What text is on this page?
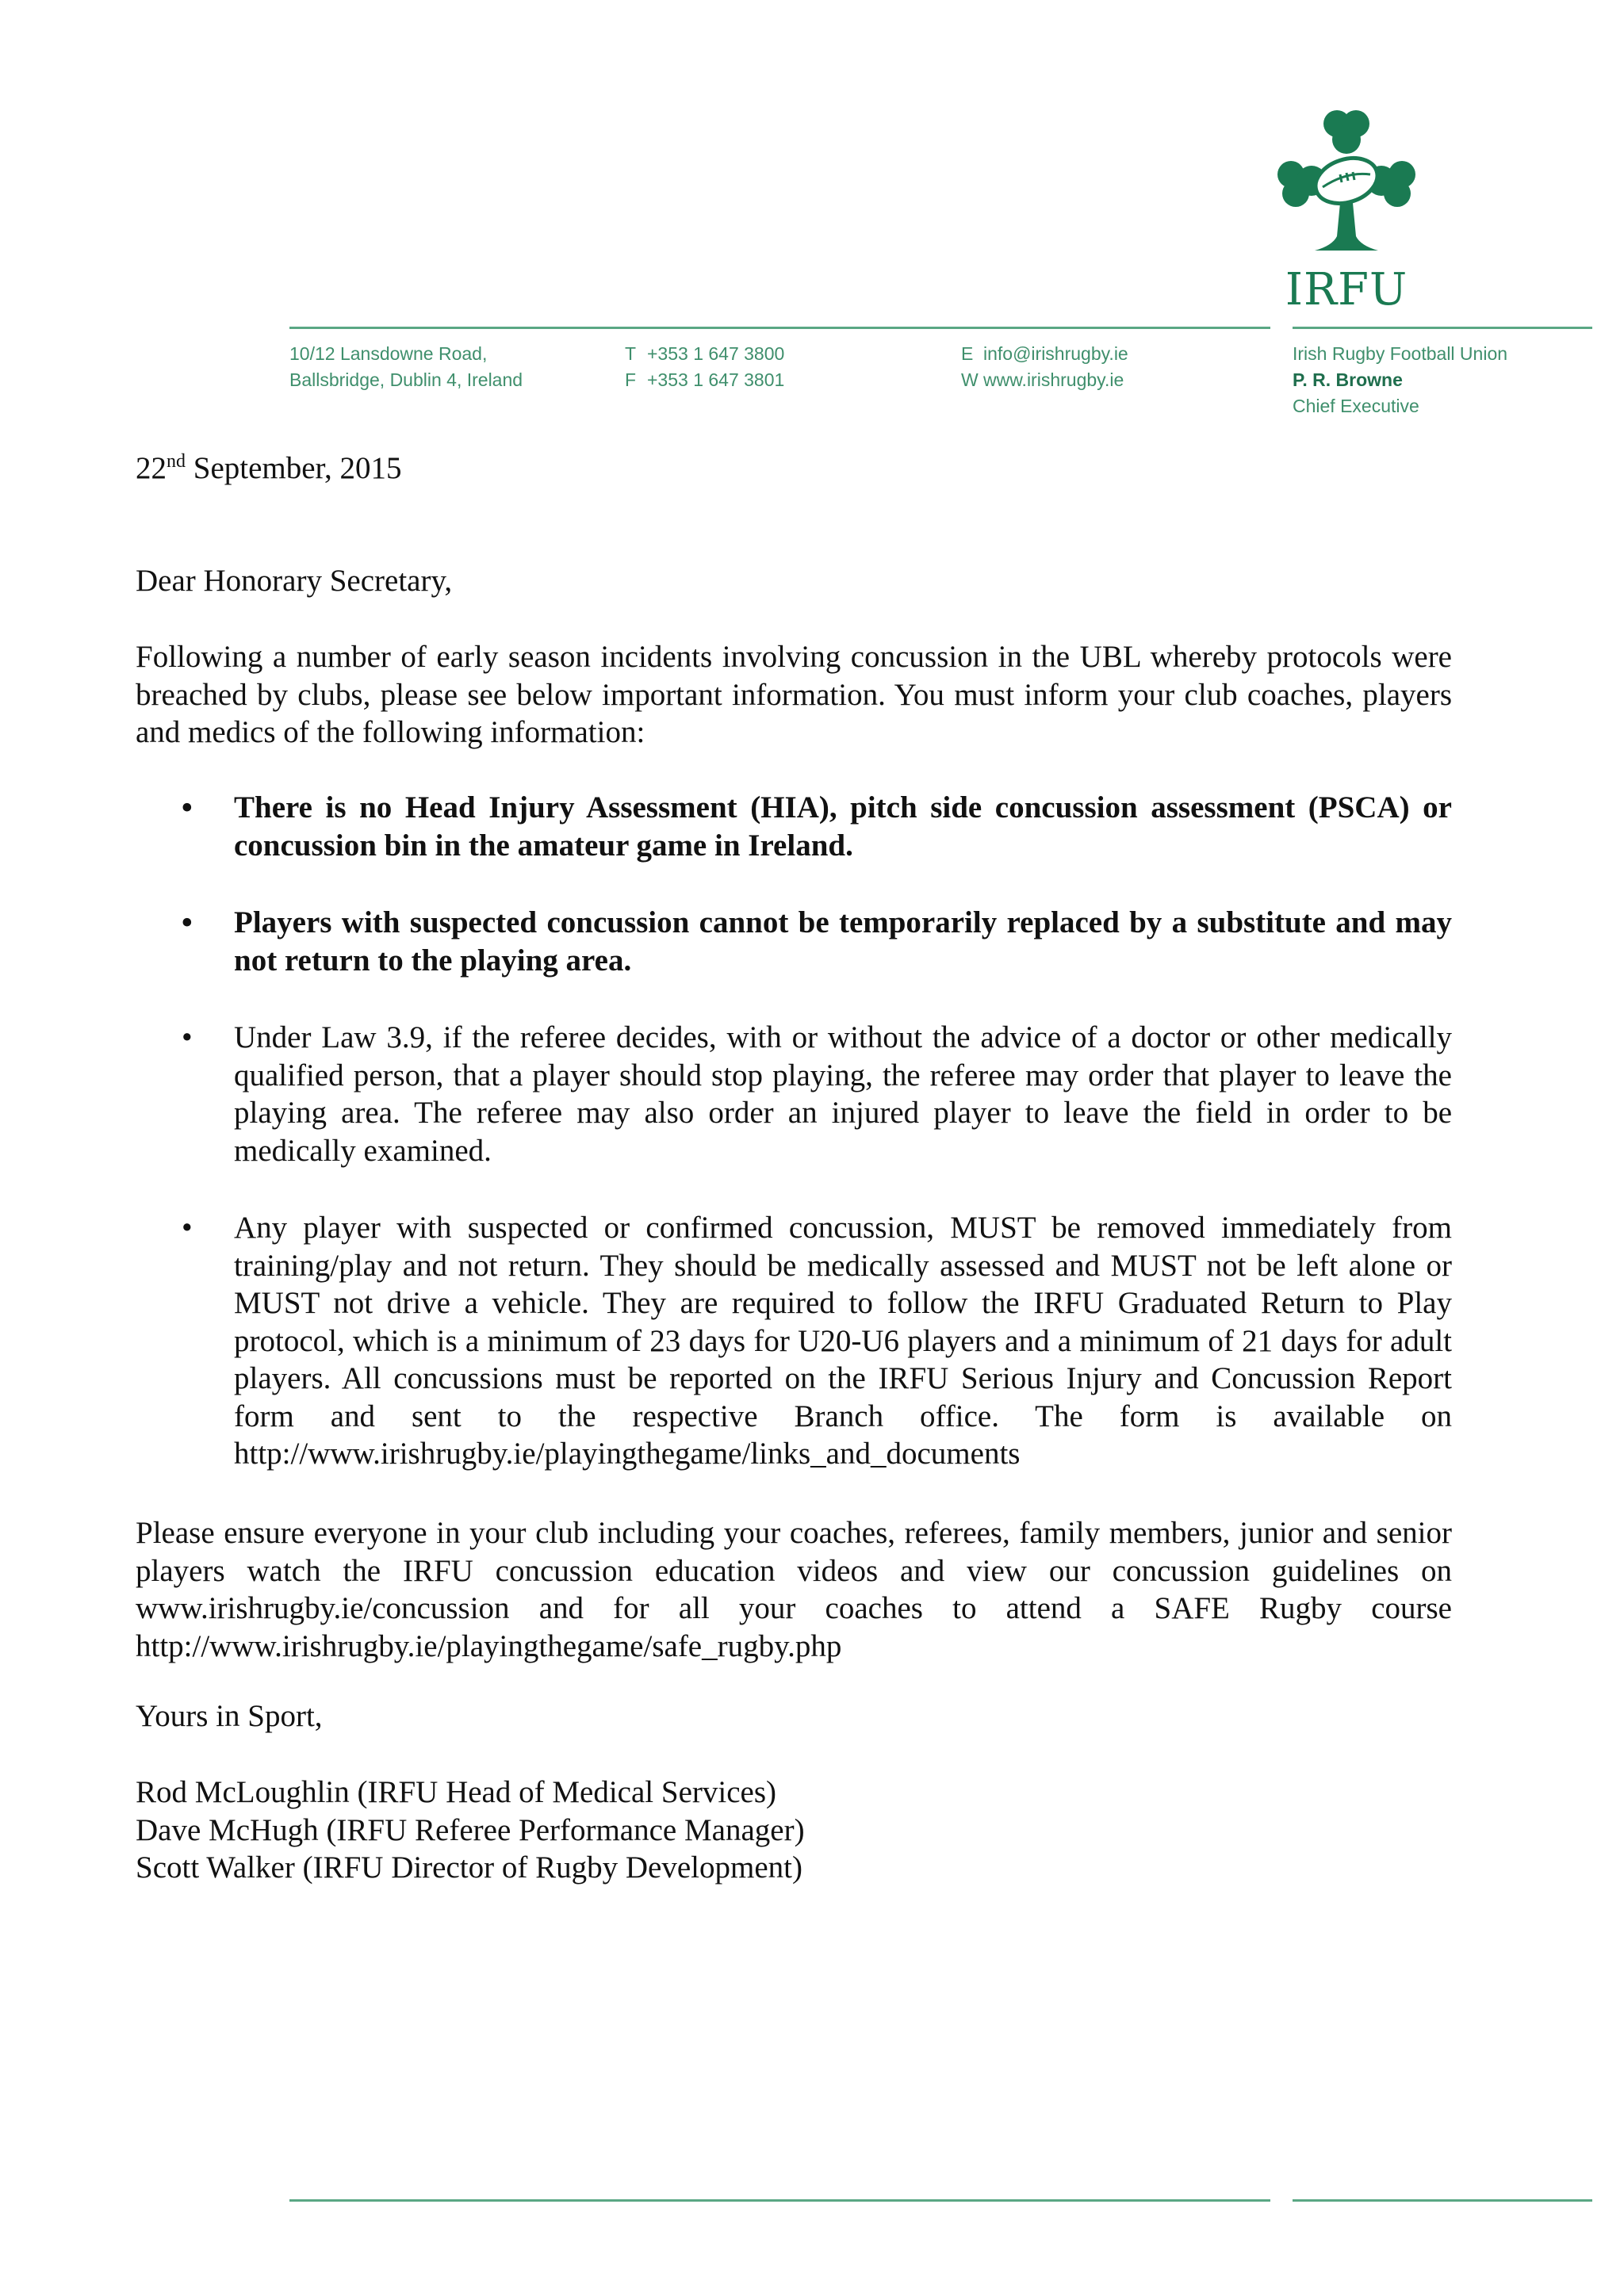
IRFU
10/12 Lansdowne Road,
Ballsbridge, Dublin 4, Ireland
T +353 1 647 3800
F +353 1 647 3801
E info@irishrugby.ie
W www.irishrugby.ie
Irish Rugby Football Union
P. R. Browne
Chief Executive
22nd September, 2015
Dear Honorary Secretary,
Following a number of early season incidents involving concussion in the UBL whereby protocols were breached by clubs, please see below important information. You must inform your club coaches, players and medics of the following information:
• There is no Head Injury Assessment (HIA), pitch side concussion assessment (PSCA) or concussion bin in the amateur game in Ireland.
• Players with suspected concussion cannot be temporarily replaced by a substitute and may not return to the playing area.
• Under Law 3.9, if the referee decides, with or without the advice of a doctor or other medically qualified person, that a player should stop playing, the referee may order that player to leave the playing area. The referee may also order an injured player to leave the field in order to be medically examined.
• Any player with suspected or confirmed concussion, MUST be removed immediately from training/play and not return. They should be medically assessed and MUST not be left alone or MUST not drive a vehicle. They are required to follow the IRFU Graduated Return to Play protocol, which is a minimum of 23 days for U20-U6 players and a minimum of 21 days for adult players. All concussions must be reported on the IRFU Serious Injury and Concussion Report form and sent to the respective Branch office. The form is available on http://www.irishrugby.ie/playingthegame/links_and_documents
Please ensure everyone in your club including your coaches, referees, family members, junior and senior players watch the IRFU concussion education videos and view our concussion guidelines on www.irishrugby.ie/concussion and for all your coaches to attend a SAFE Rugby course http://www.irishrugby.ie/playingthegame/safe_rugby.php
Yours in Sport,
Rod McLoughlin (IRFU Head of Medical Services)
Dave McHugh (IRFU Referee Performance Manager)
Scott Walker (IRFU Director of Rugby Development)
